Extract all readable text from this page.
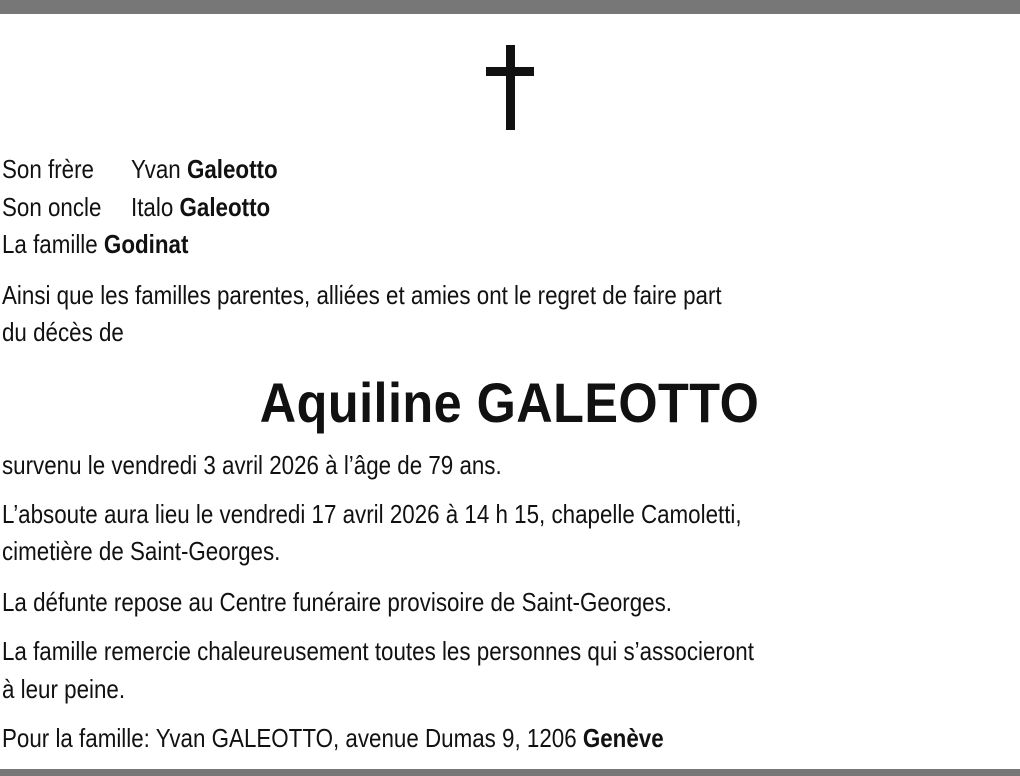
Son frère Yvan Galeotto
Son oncle Italo Galeotto
La famille Godinat
Ainsi que les familles parentes, alliées et amies ont le regret de faire part
du décès de
Aquiline GALEOTTO
survenu le vendredi 3 avril 2026 à l’âge de 79 ans.
L’absoute aura lieu le vendredi 17 avril 2026 à 14 h 15, chapelle Camoletti,
cimetière de Saint-Georges.
La défunte repose au Centre funéraire provisoire de Saint-Georges.
La famille remercie chaleureusement toutes les personnes qui s’associeront
à leur peine.
Pour la famille: Yvan GALEOTTO, avenue Dumas 9, 1206 Genève
